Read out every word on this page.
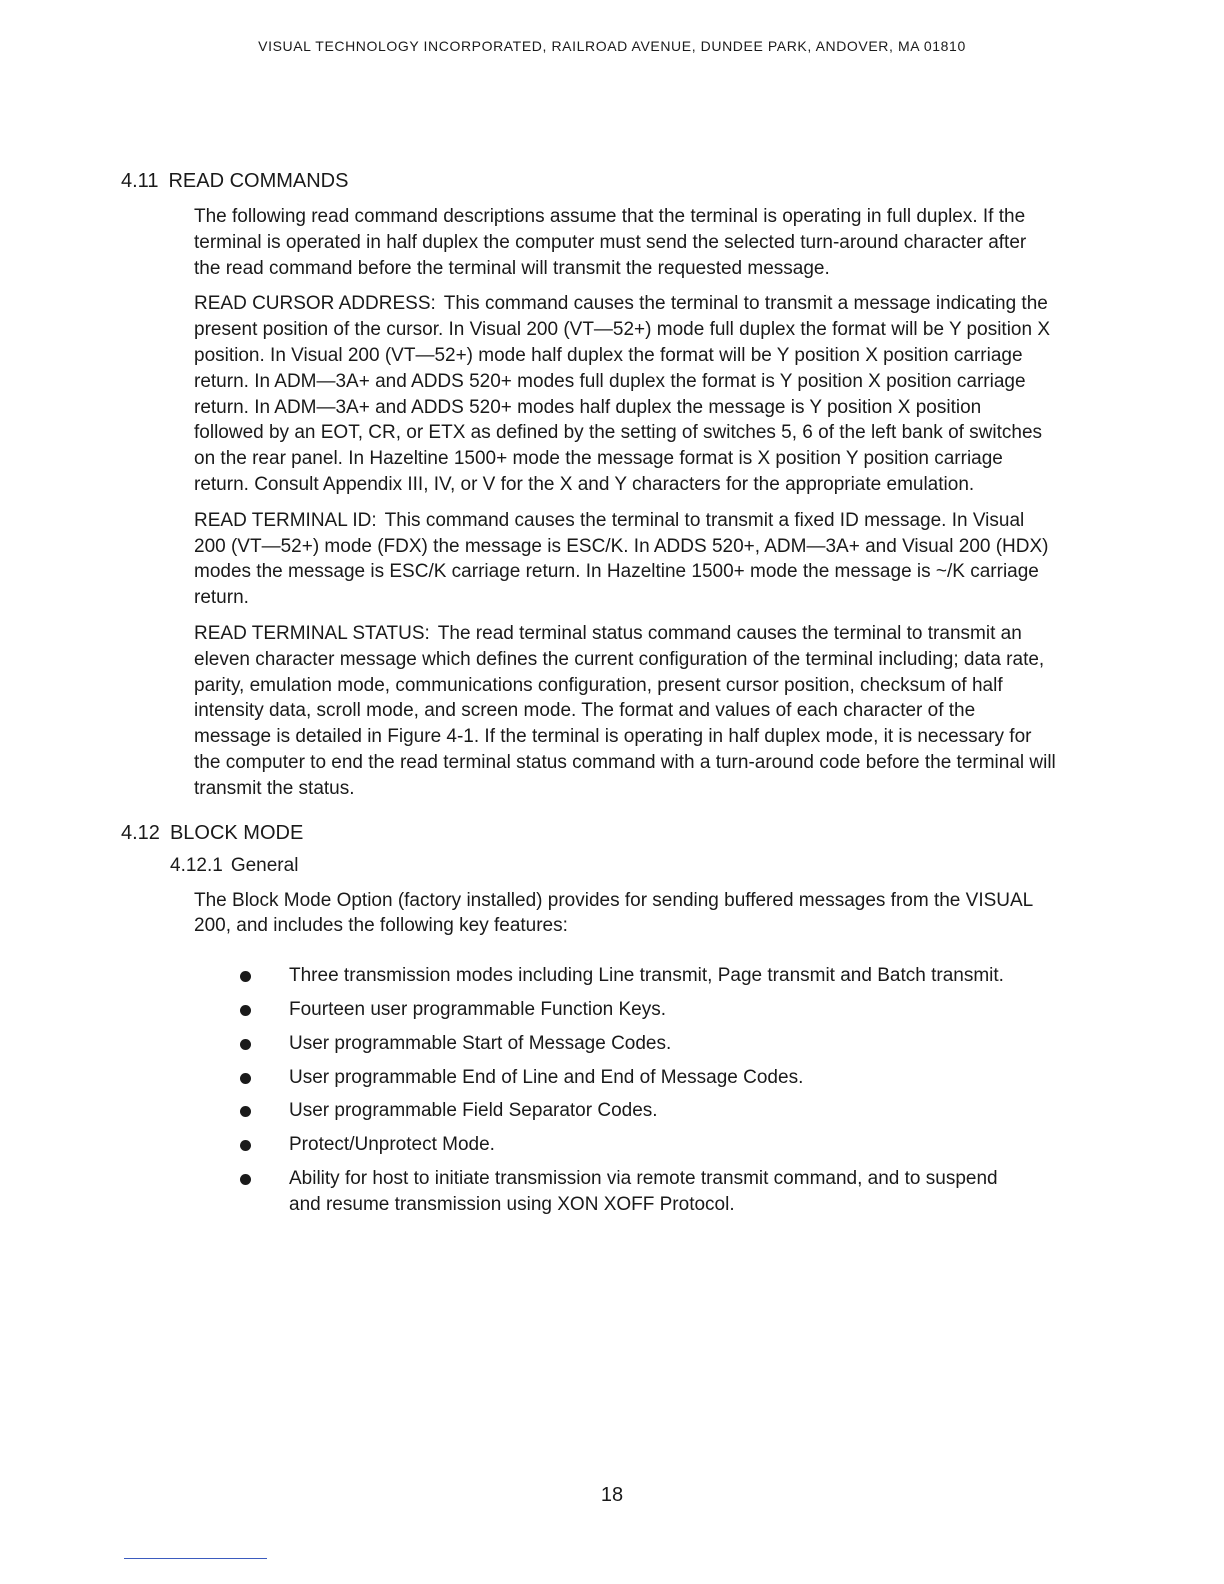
VISUAL TECHNOLOGY INCORPORATED, RAILROAD AVENUE, DUNDEE PARK, ANDOVER, MA 01810
4.11 READ COMMANDS

The following read command descriptions assume that the terminal is operating in full duplex. If the terminal is operated in half duplex the computer must send the selected turn-around character after the read command before the terminal will transmit the requested message.

READ CURSOR ADDRESS: This command causes the terminal to transmit a message indicating the present position of the cursor. In Visual 200 (VT—52+) mode full duplex the format will be Y position X position. In Visual 200 (VT—52+) mode half duplex the format will be Y position X position carriage return. In ADM—3A+ and ADDS 520+ modes full duplex the format is Y position X position carriage return. In ADM—3A+ and ADDS 520+ modes half duplex the message is Y position X position followed by an EOT, CR, or ETX as defined by the setting of switches 5, 6 of the left bank of switches on the rear panel. In Hazeltine 1500+ mode the message format is X position Y position carriage return. Consult Appendix III, IV, or V for the X and Y characters for the appropriate emulation.

READ TERMINAL ID: This command causes the terminal to transmit a fixed ID message. In Visual 200 (VT—52+) mode (FDX) the message is ESC/K. In ADDS 520+, ADM—3A+ and Visual 200 (HDX) modes the message is ESC/K carriage return. In Hazeltine 1500+ mode the message is ~/K carriage return.

READ TERMINAL STATUS: The read terminal status command causes the terminal to transmit an eleven character message which defines the current configuration of the terminal including; data rate, parity, emulation mode, communications configuration, present cursor position, checksum of half intensity data, scroll mode, and screen mode. The format and values of each character of the message is detailed in Figure 4-1. If the terminal is operating in half duplex mode, it is necessary for the computer to end the read terminal status command with a turn-around code before the terminal will transmit the status.

4.12 BLOCK MODE
4.12.1 General

The Block Mode Option (factory installed) provides for sending buffered messages from the VISUAL 200, and includes the following key features:

Three transmission modes including Line transmit, Page transmit and Batch transmit.
Fourteen user programmable Function Keys.
User programmable Start of Message Codes.
User programmable End of Line and End of Message Codes.
User programmable Field Separator Codes.
Protect/Unprotect Mode.
Ability for host to initiate transmission via remote transmit command, and to suspend and resume transmission using XON XOFF Protocol.
18
